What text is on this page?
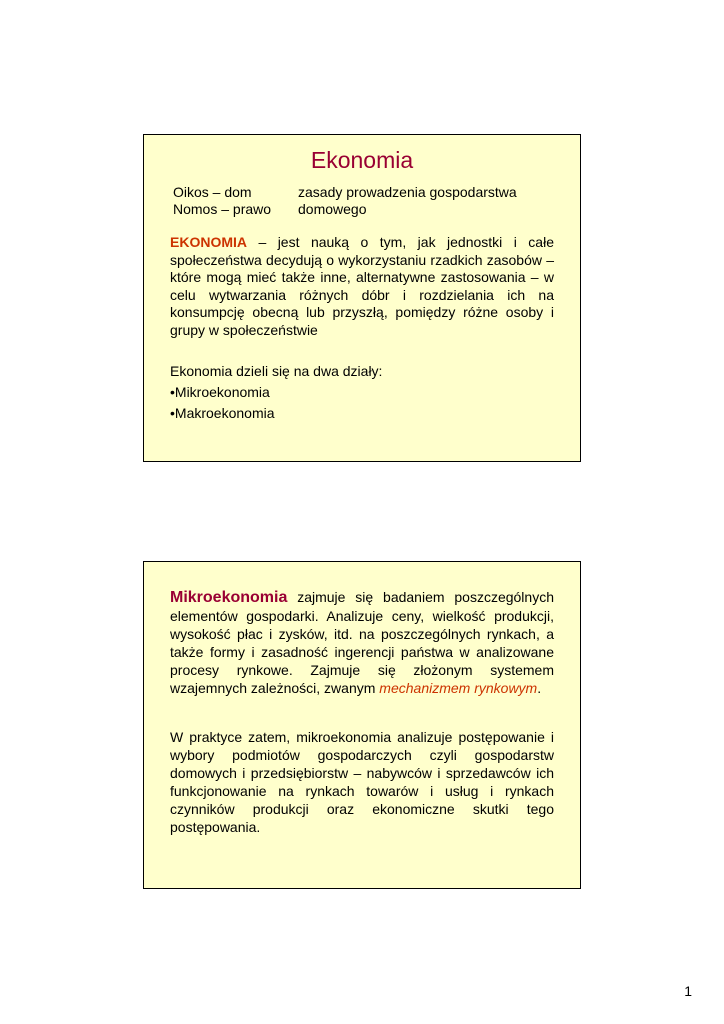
Ekonomia
Oikos – dom	zasady prowadzenia gospodarstwa
Nomos – prawo domowego
EKONOMIA – jest nauką o tym, jak jednostki i całe społeczeństwa decydują o wykorzystaniu rzadkich zasobów – które mogą mieć także inne, alternatywne zastosowania – w celu wytwarzania różnych dóbr i rozdzielania ich na konsumpcję obecną lub przyszłą, pomiędzy różne osoby i grupy w społeczeństwie
Ekonomia dzieli się na dwa działy:
•Mikroekonomia
•Makroekonomia
Mikroekonomia zajmuje się badaniem poszczególnych elementów gospodarki. Analizuje ceny, wielkość produkcji, wysokość płac i zysków, itd. na poszczególnych rynkach, a także formy i zasadność ingerencji państwa w analizowane procesy rynkowe. Zajmuje się złożonym systemem wzajemnych zależności, zwanym mechanizmem rynkowym.
W praktyce zatem, mikroekonomia analizuje postępowanie i wybory podmiotów gospodarczych czyli gospodarstw domowych i przedsiębiorstw – nabywców i sprzedawców ich funkcjonowanie na rynkach towarów i usług i rynkach czynników produkcji oraz ekonomiczne skutki tego postępowania.
1
